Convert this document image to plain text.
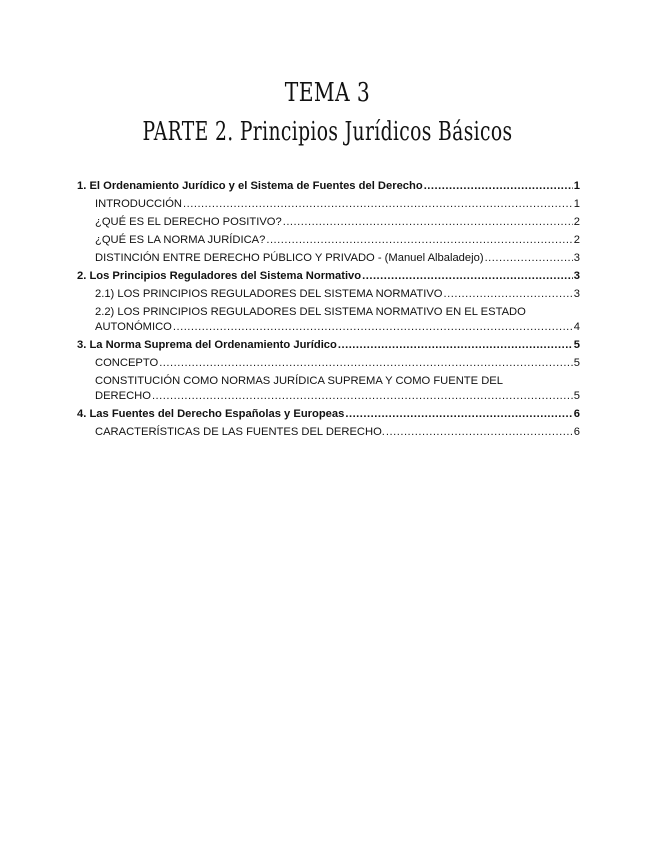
TEMA 3
PARTE 2. Principios Jurídicos Básicos
1. El Ordenamiento Jurídico y el Sistema de Fuentes del Derecho .....	1
INTRODUCCIÓN .....	1
¿QUÉ ES EL DERECHO POSITIVO? .....	2
¿QUÉ ES LA NORMA JURÍDICA? .....	2
DISTINCIÓN ENTRE DERECHO PÚBLICO Y PRIVADO - (Manuel Albaladejo) .....	3
2. Los Principios Reguladores del Sistema Normativo .....	3
2.1) LOS PRINCIPIOS REGULADORES DEL SISTEMA NORMATIVO .....	3
2.2) LOS PRINCIPIOS REGULADORES DEL SISTEMA NORMATIVO EN EL ESTADO
AUTONÓMICO .....	4
3. La Norma Suprema del Ordenamiento Jurídico .....	5
CONCEPTO .....	5
CONSTITUCIÓN COMO NORMAS JURÍDICA SUPREMA Y COMO FUENTE DEL
DERECHO .....	5
4. Las Fuentes del Derecho Españolas y Europeas .....	6
CARACTERÍSTICAS DE LAS FUENTES DEL DERECHO. .....	6
